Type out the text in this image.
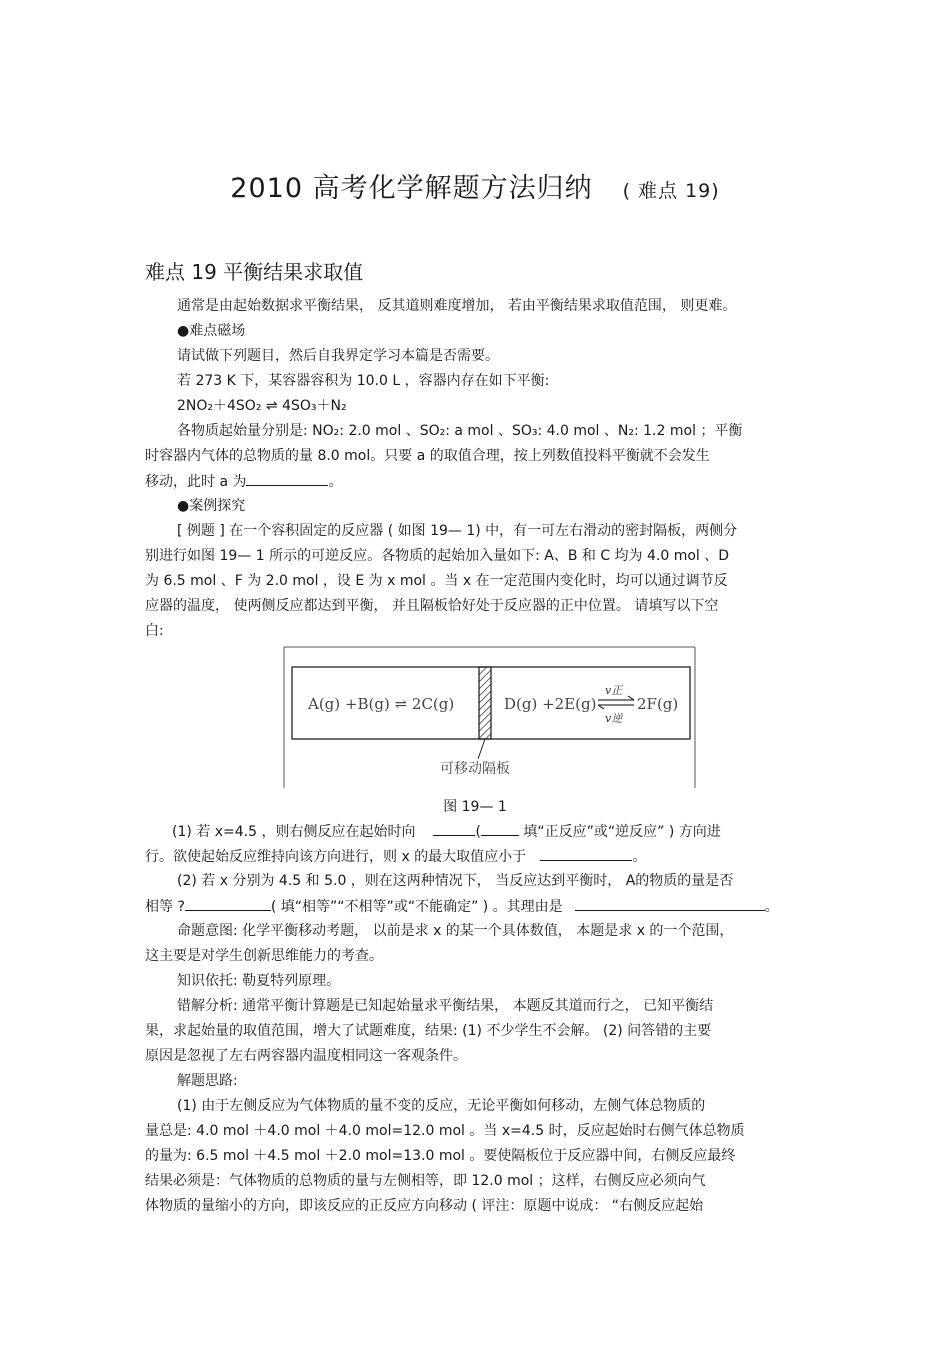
2010 高考化学解题方法归纳 ( 难点 19)
难点 19 平衡结果求取值
通常是由起始数据求平衡结果， 反其道则难度增加， 若由平衡结果求取值范围， 则更难。
●难点磁场
请试做下列题目，然后自我界定学习本篇是否需要。
若 273 K 下，某容器容积为 10.0 L ，容器内存在如下平衡:
2NO₂＋4SO₂ ⇌ 4SO₃＋N₂
各物质起始量分别是: NO₂: 2.0 mol 、SO₂: a mol 、SO₃: 4.0 mol 、N₂: 1.2 mol ；平衡
时容器内气体的总物质的量 8.0 mol。只要 a 的取值合理，按上列数值投料平衡就不会发生
移动，此时 a 为	。
●案例探究
[ 例题 ] 在一个容积固定的反应器 ( 如图 19— 1) 中，有一可左右滑动的密封隔板，两侧分
别进行如图 19— 1 所示的可逆反应。各物质的起始加入量如下: A、B 和 C 均为 4.0 mol 、D
为 6.5 mol 、F 为 2.0 mol ，设 E 为 x mol 。当 x 在一定范围内变化时，均可以通过调节反
应器的温度， 使两侧反应都达到平衡， 并且隔板恰好处于反应器的正中位置。 请填写以下空
白:
A(g) +B(g) ⇌ 2C(g)	D(g) +2E(g)
v正
v逆
2F(g)
可移动隔板
图 19— 1
(1) 若 x=4.5 ，则右侧反应在起始时向	(	填“正反应”或“逆反应” ) 方向进
行。欲使起始反应维持向该方向进行，则 x 的最大取值应小于	。
(2) 若 x 分别为 4.5 和 5.0 ，则在这两种情况下， 当反应达到平衡时， A的物质的量是否
相等 ?	( 填“相等”“不相等”或“不能确定” ) 。其理由是	。
命题意图: 化学平衡移动考题， 以前是求 x 的某一个具体数值， 本题是求 x 的一个范围，
这主要是对学生创新思维能力的考查。
知识依托: 勒夏特列原理。
错解分析: 通常平衡计算题是已知起始量求平衡结果， 本题反其道而行之， 已知平衡结
果，求起始量的取值范围，增大了试题难度，结果: (1) 不少学生不会解。 (2) 问答错的主要
原因是忽视了左右两容器内温度相同这一客观条件。
解题思路:
(1) 由于左侧反应为气体物质的量不变的反应，无论平衡如何移动，左侧气体总物质的
量总是: 4.0 mol ＋4.0 mol ＋4.0 mol=12.0 mol 。当 x=4.5 时，反应起始时右侧气体总物质
的量为: 6.5 mol ＋4.5 mol ＋2.0 mol=13.0 mol 。要使隔板位于反应器中间，右侧反应最终
结果必须是：气体物质的总物质的量与左侧相等，即 12.0 mol ；这样，右侧反应必须向气
体物质的量缩小的方向，即该反应的正反应方向移动 ( 评注：原题中说成： “右侧反应起始
